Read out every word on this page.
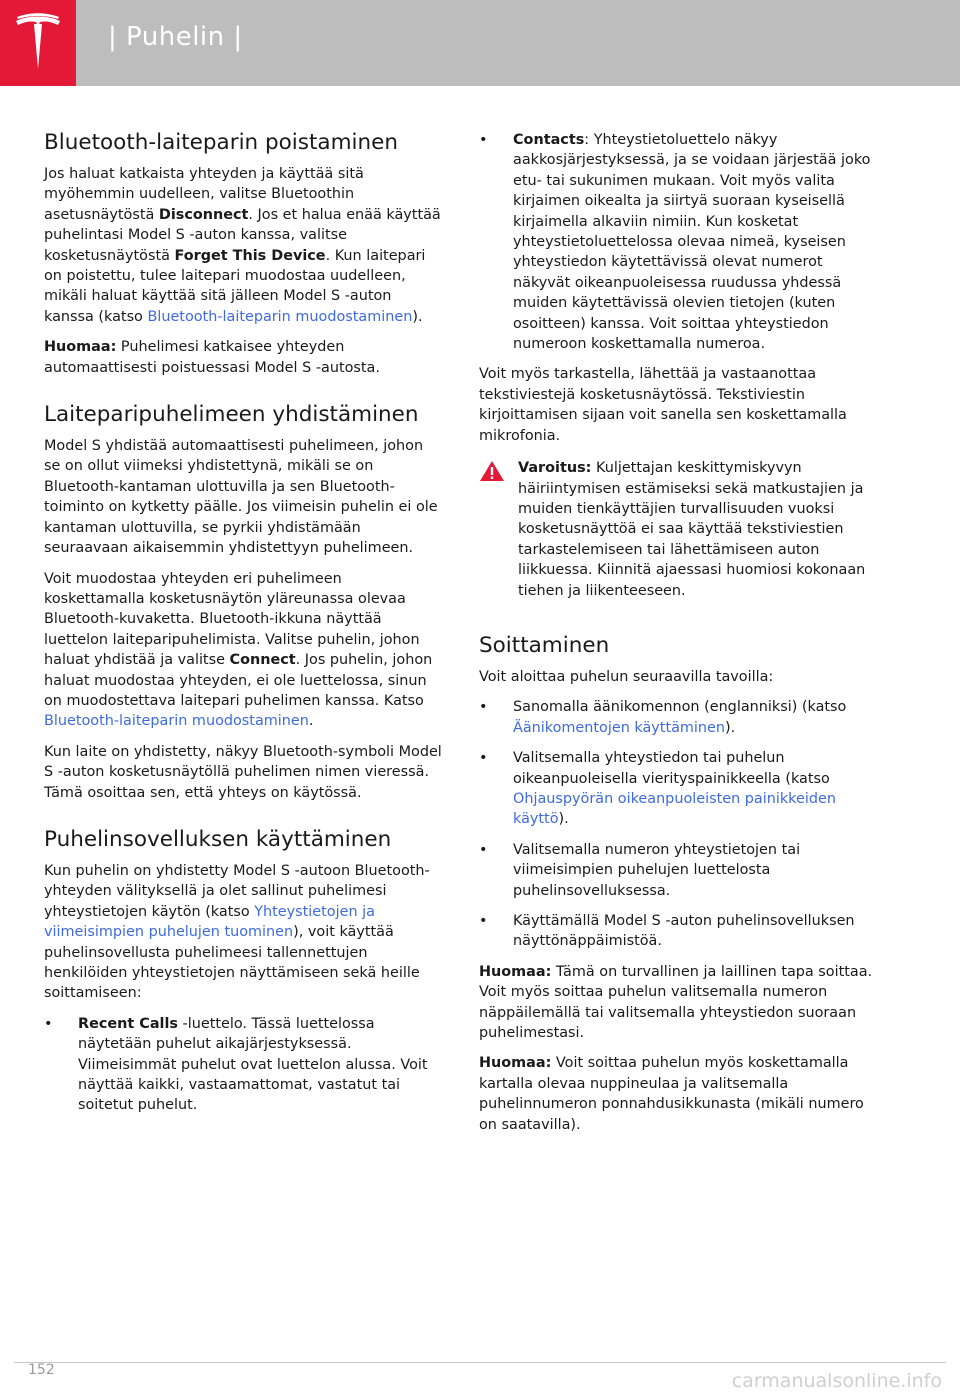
| Puhelin |
Bluetooth-laiteparin poistaminen

Jos haluat katkaista yhteyden ja käyttää sitä myöhemmin uudelleen, valitse Bluetoothin asetusnäytöstä Disconnect. Jos et halua enää käyttää puhelintasi Model S -auton kanssa, valitse kosketusnäytöstä Forget This Device. Kun laitepari on poistettu, tulee laitepari muodostaa uudelleen, mikäli haluat käyttää sitä jälleen Model S -auton kanssa (katso Bluetooth-laiteparin muodostaminen).

Huomaa: Puhelimesi katkaisee yhteyden automaattisesti poistuessasi Model S -autosta.

Laiteparipuhelimeen yhdistäminen

Model S yhdistää automaattisesti puhelimeen, johon se on ollut viimeksi yhdistettynä, mikäli se on Bluetooth-kantaman ulottuvilla ja sen Bluetooth-toiminto on kytketty päälle. Jos viimeisin puhelin ei ole kantaman ulottuvilla, se pyrkii yhdistämään seuraavaan aikaisemmin yhdistettyyn puhelimeen.

Voit muodostaa yhteyden eri puhelimeen koskettamalla kosketusnäytön yläreunassa olevaa Bluetooth-kuvaketta. Bluetooth-ikkuna näyttää luettelon laiteparipuhelimista. Valitse puhelin, johon haluat yhdistää ja valitse Connect. Jos puhelin, johon haluat muodostaa yhteyden, ei ole luettelossa, sinun on muodostettava laitepari puhelimen kanssa. Katso Bluetooth-laiteparin muodostaminen.

Kun laite on yhdistetty, näkyy Bluetooth-symboli Model S -auton kosketusnäytöllä puhelimen nimen vieressä. Tämä osoittaa sen, että yhteys on käytössä.

Puhelinsovelluksen käyttäminen

Kun puhelin on yhdistetty Model S -autoon Bluetooth-yhteyden välityksellä ja olet sallinut puhelimesi yhteystietojen käytön (katso Yhteystietojen ja viimeisimpien puhelujen tuominen), voit käyttää puhelinsovellusta puhelimeesi tallennettujen henkilöiden yhteystietojen näyttämiseen sekä heille soittamiseen:

• Recent Calls -luettelo. Tässä luettelossa näytetään puhelut aikajärjestyksessä. Viimeisimmät puhelut ovat luettelon alussa. Voit näyttää kaikki, vastaamattomat, vastatut tai soitetut puhelut.
• Contacts: Yhteystietoluettelo näkyy aakkosjärjestyksessä, ja se voidaan järjestää joko etu- tai sukunimen mukaan. Voit myös valita kirjaimen oikealta ja siirtyä suoraan kyseisellä kirjaimella alkaviin nimiin. Kun kosketat yhteystietoluettelossa olevaa nimeä, kyseisen yhteystiedon käytettävissä olevat numerot näkyvät oikeanpuoleisessa ruudussa yhdessä muiden käytettävissä olevien tietojen (kuten osoitteen) kanssa. Voit soittaa yhteystiedon numeroon koskettamalla numeroa.

Voit myös tarkastella, lähettää ja vastaanottaa tekstiviestejä kosketusnäytössä. Tekstiviestin kirjoittamisen sijaan voit sanella sen koskettamalla mikrofonia.

Varoitus: Kuljettajan keskittymiskyvyn häiriintymisen estämiseksi sekä matkustajien ja muiden tienkäyttäjien turvallisuuden vuoksi kosketusnäyttöä ei saa käyttää tekstiviestien tarkastelemiseen tai lähettämiseen auton liikkuessa. Kiinnitä ajaessasi huomiosi kokonaan tiehen ja liikenteeseen.
Soittaminen

Voit aloittaa puhelun seuraavilla tavoilla:

• Sanomalla äänikomennon (englanniksi) (katso Äänikomentojen käyttäminen).
• Valitsemalla yhteystiedon tai puhelun oikeanpuoleisella vierityspainikkeella (katso Ohjauspyörän oikeanpuoleisten painikkeiden käyttö).
• Valitsemalla numeron yhteystietojen tai viimeisimpien puhelujen luettelosta puhelinsovelluksessa.
• Käyttämällä Model S -auton puhelinsovelluksen näyttönäppäimistöä.

Huomaa: Tämä on turvallinen ja laillinen tapa soittaa. Voit myös soittaa puhelun valitsemalla numeron näppäilemällä tai valitsemalla yhteystiedon suoraan puhelimestasi.

Huomaa: Voit soittaa puhelun myös koskettamalla kartalla olevaa nuppineulaa ja valitsemalla puhelinnumeron ponnahdusikkunasta (mikäli numero on saatavilla).

152	carmanualsonline.info
